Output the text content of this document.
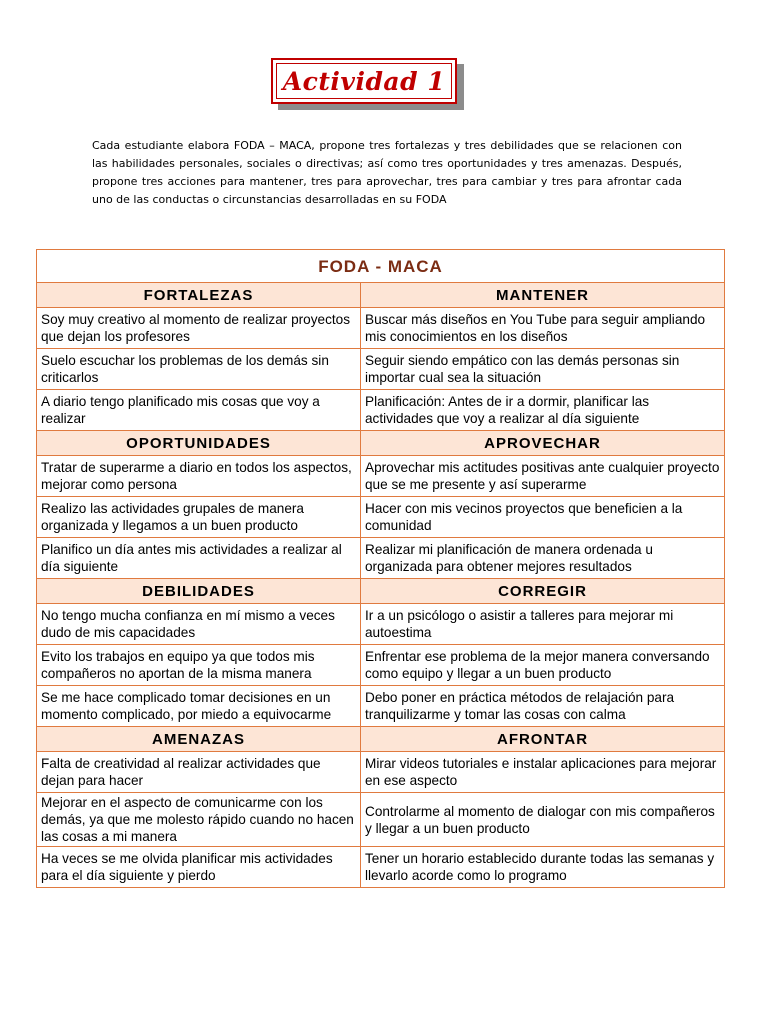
Actividad 1
Cada estudiante elabora FODA – MACA, propone tres fortalezas y tres debilidades que se relacionen con las habilidades personales, sociales o directivas; así como tres oportunidades y tres amenazas. Después, propone tres acciones para mantener, tres para aprovechar, tres para cambiar y tres para afrontar cada uno de las conductas o circunstancias desarrolladas en su FODA
FODA - MACA	
FORTALEZAS	MANTENER
Soy muy creativo al momento de realizar proyectos que dejan los profesores	Buscar más diseños en You Tube para seguir ampliando mis conocimientos en los diseños
Suelo escuchar los problemas de los demás sin criticarlos	Seguir siendo empático con las demás personas sin importar cual sea la situación
A diario tengo planificado mis cosas que voy a realizar	Planificación: Antes de ir a dormir, planificar las actividades que voy a realizar al día siguiente
OPORTUNIDADES	APROVECHAR
Tratar de superarme a diario en todos los aspectos, mejorar como persona	Aprovechar mis actitudes positivas ante cualquier proyecto que se me presente y así superarme
Realizo las actividades grupales de manera organizada y llegamos a un buen producto	Hacer con mis vecinos proyectos que beneficien a la comunidad
Planifico un día antes mis actividades a realizar al día siguiente	Realizar mi planificación de manera ordenada u organizada para obtener mejores resultados
DEBILIDADES	CORREGIR
No tengo mucha confianza en mí mismo a veces dudo de mis capacidades	Ir a un psicólogo o asistir a talleres para mejorar mi autoestima
Evito los trabajos en equipo ya que todos mis compañeros no aportan de la misma manera	Enfrentar ese problema de la mejor manera conversando como equipo y llegar a un buen producto
Se me hace complicado tomar decisiones en un momento complicado, por miedo a equivocarme	Debo poner en práctica métodos de relajación para tranquilizarme y tomar las cosas con calma
AMENAZAS	AFRONTAR
Falta de creatividad al realizar actividades que dejan para hacer	Mirar videos tutoriales e instalar aplicaciones para mejorar en ese aspecto
Mejorar en el aspecto de comunicarme con los demás, ya que me molesto rápido cuando no hacen las cosas a mi manera	Controlarme al momento de dialogar con mis compañeros y llegar a un buen producto
Ha veces se me olvida planificar mis actividades para el día siguiente y pierdo	Tener un horario establecido durante todas las semanas y llevarlo acorde como lo programo
